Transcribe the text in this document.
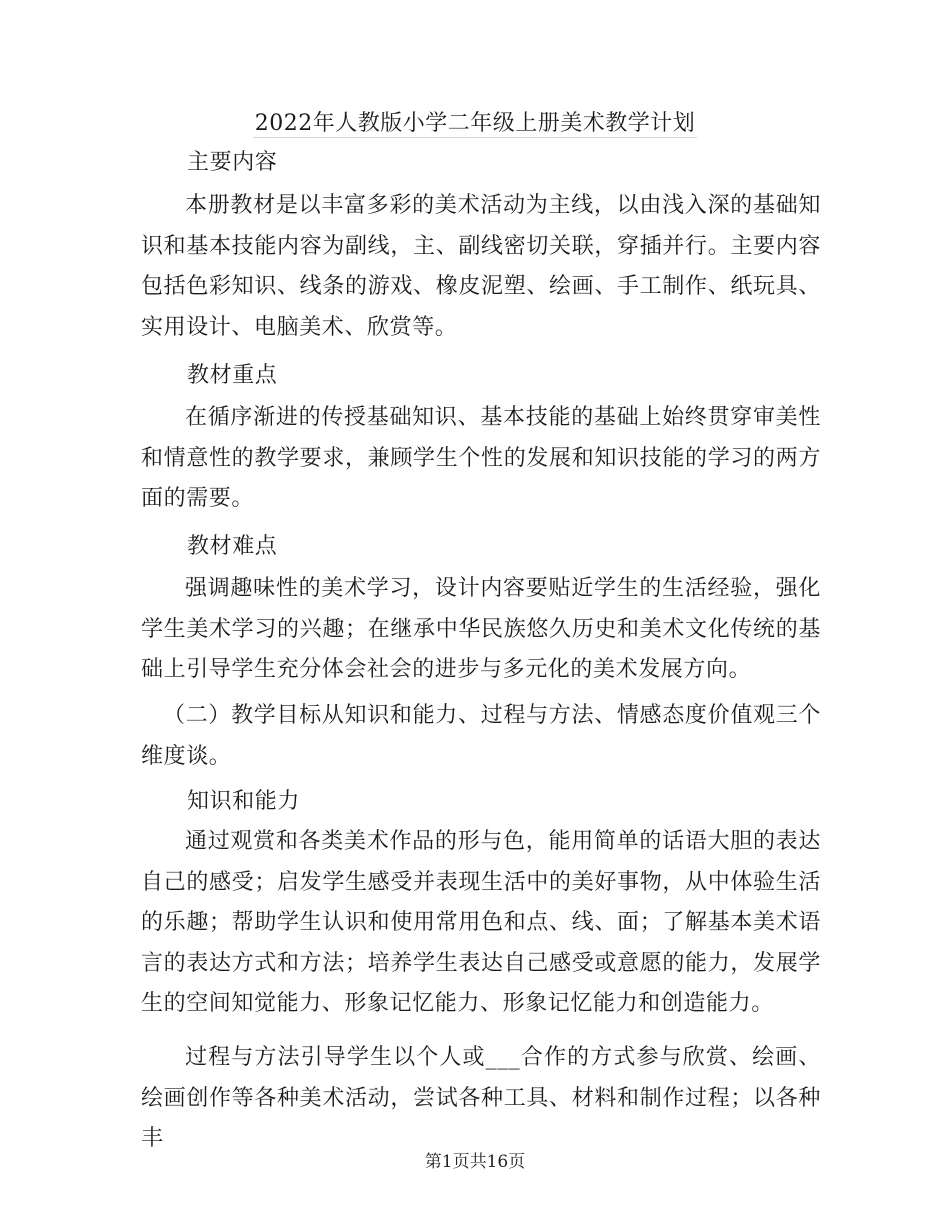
2022年人教版小学二年级上册美术教学计划
主要内容

本册教材是以丰富多彩的美术活动为主线，以由浅入深的基础知识和基本技能内容为副线，主、副线密切关联，穿插并行。主要内容包括色彩知识、线条的游戏、橡皮泥塑、绘画、手工制作、纸玩具、实用设计、电脑美术、欣赏等。

教材重点

在循序渐进的传授基础知识、基本技能的基础上始终贯穿审美性和情意性的教学要求，兼顾学生个性的发展和知识技能的学习的两方面的需要。

教材难点

强调趣味性的美术学习，设计内容要贴近学生的生活经验，强化学生美术学习的兴趣；在继承中华民族悠久历史和美术文化传统的基础上引导学生充分体会社会的进步与多元化的美术发展方向。

（二）教学目标从知识和能力、过程与方法、情感态度价值观三个维度谈。

知识和能力

通过观赏和各类美术作品的形与色，能用简单的话语大胆的表达自己的感受；启发学生感受并表现生活中的美好事物，从中体验生活的乐趣；帮助学生认识和使用常用色和点、线、面；了解基本美术语言的表达方式和方法；培养学生表达自己感受或意愿的能力，发展学生的空间知觉能力、形象记忆能力、形象记忆能力和创造能力。

过程与方法引导学生以个人或___合作的方式参与欣赏、绘画、绘画创作等各种美术活动，尝试各种工具、材料和制作过程；以各种丰

第1页共16页
